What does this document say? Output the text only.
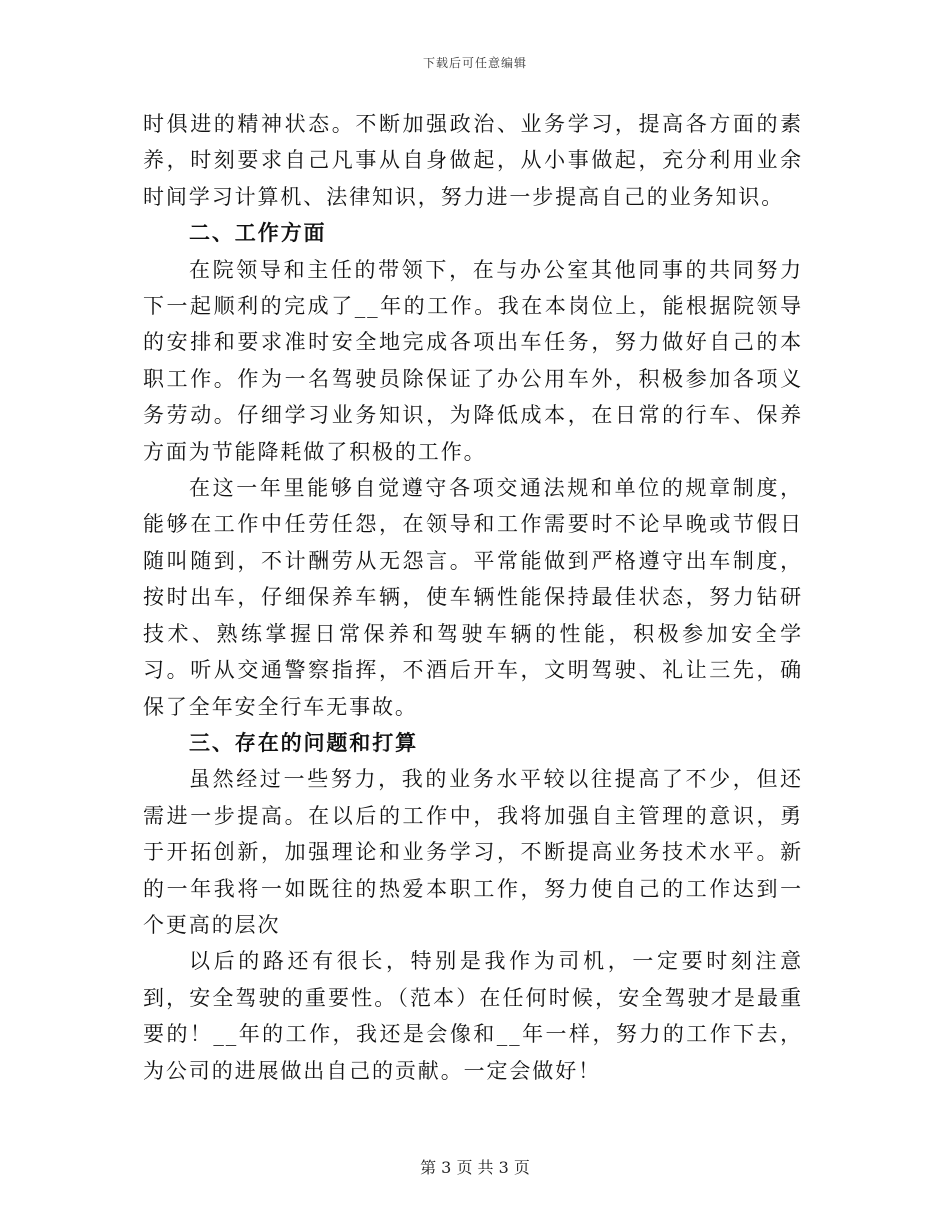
下载后可任意编辑

时俱进的精神状态。不断加强政治、业务学习，提高各方面的素养，时刻要求自己凡事从自身做起，从小事做起，充分利用业余时间学习计算机、法律知识，努力进一步提高自己的业务知识。

二、工作方面

在院领导和主任的带领下，在与办公室其他同事的共同努力下一起顺利的完成了__年的工作。我在本岗位上，能根据院领导的安排和要求准时安全地完成各项出车任务，努力做好自己的本职工作。作为一名驾驶员除保证了办公用车外，积极参加各项义务劳动。仔细学习业务知识，为降低成本，在日常的行车、保养方面为节能降耗做了积极的工作。

在这一年里能够自觉遵守各项交通法规和单位的规章制度，能够在工作中任劳任怨，在领导和工作需要时不论早晚或节假日随叫随到，不计酬劳从无怨言。平常能做到严格遵守出车制度，按时出车，仔细保养车辆，使车辆性能保持最佳状态，努力钻研技术、熟练掌握日常保养和驾驶车辆的性能，积极参加安全学习。听从交通警察指挥，不酒后开车，文明驾驶、礼让三先，确保了全年安全行车无事故。

三、存在的问题和打算

虽然经过一些努力，我的业务水平较以往提高了不少，但还需进一步提高。在以后的工作中，我将加强自主管理的意识，勇于开拓创新，加强理论和业务学习，不断提高业务技术水平。新的一年我将一如既往的热爱本职工作，努力使自己的工作达到一个更高的层次

以后的路还有很长，特别是我作为司机，一定要时刻注意到，安全驾驶的重要性。（范本）在任何时候，安全驾驶才是最重要的！__年的工作，我还是会像和__年一样，努力的工作下去，为公司的进展做出自己的贡献。一定会做好！

第 3 页 共 3 页
